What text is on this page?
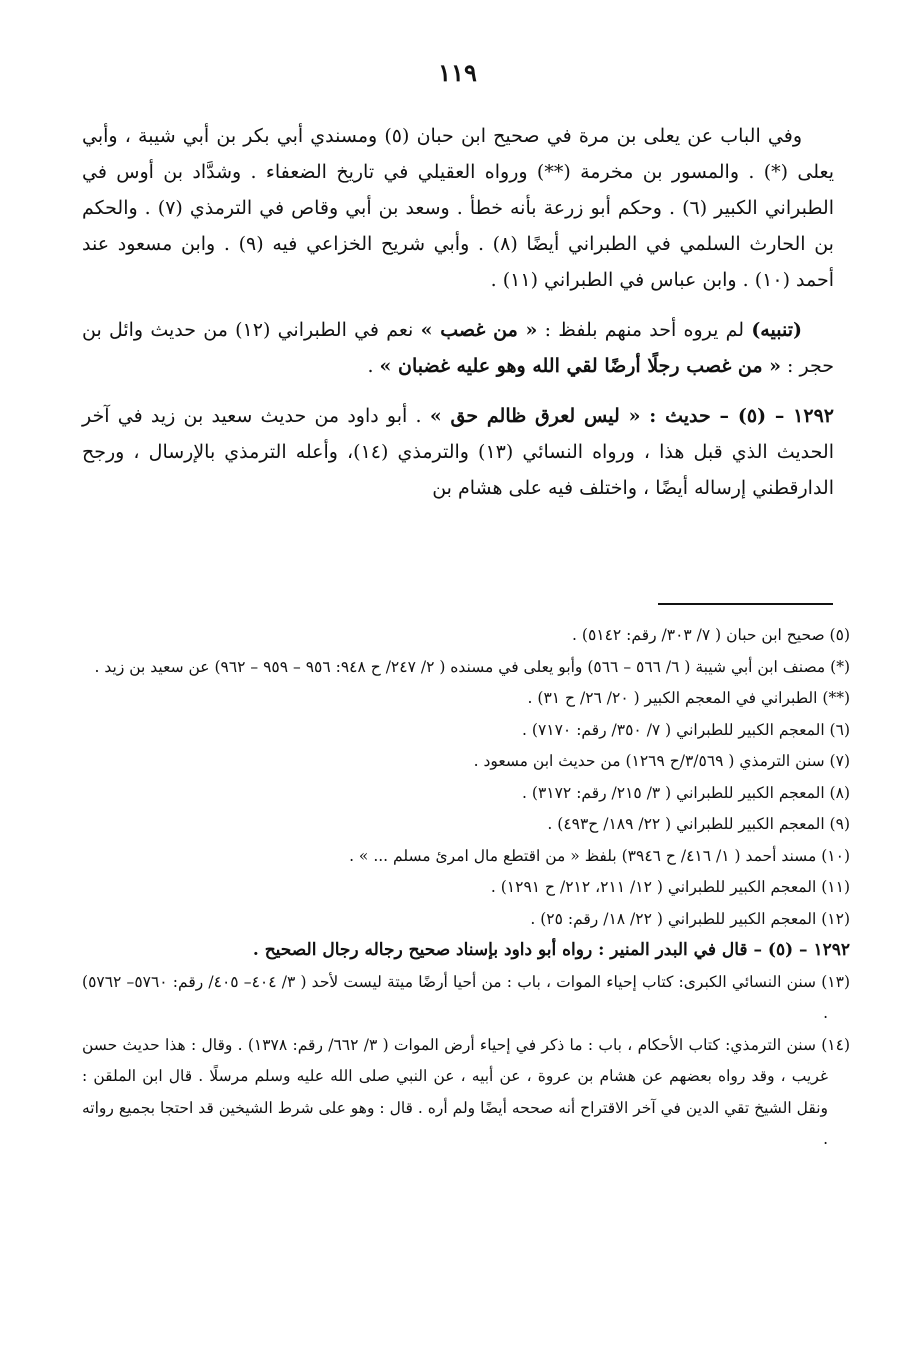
١١٩

وفي الباب عن يعلى بن مرة في صحيح ابن حبان (٥) ومسندي أبي بكر بن أبي شيبة ، وأبي يعلى (*) . والمسور بن مخرمة (**) ورواه العقيلي في تاريخ الضعفاء . وشدَّاد بن أوس في الطبراني الكبير (٦) . وحكم أبو زرعة بأنه خطأ . وسعد بن أبي وقاص في الترمذي (٧) . والحكم بن الحارث السلمي في الطبراني أيضًا (٨) . وأبي شريح الخزاعي فيه (٩) . وابن مسعود عند أحمد (١٠) . وابن عباس في الطبراني (١١) .

(تنبيه) لم يروه أحد منهم بلفظ : « من غصب » نعم في الطبراني (١٢) من حديث وائل بن حجر : « من غصب رجلًا أرضًا لقي الله وهو عليه غضبان » .

١٢٩٢ – (٥) – حديث : « ليس لعرق ظالم حق » . أبو داود من حديث سعيد بن زيد في آخر الحديث الذي قبل هذا ، ورواه النسائي (١٣) والترمذي (١٤)، وأعله الترمذي بالإرسال ، ورجح الدارقطني إرساله أيضًا ، واختلف فيه على هشام بن

(٥) صحيح ابن حبان ( ٧/ ٣٠٣/ رقم: ٥١٤٢) .

(*) مصنف ابن أبي شيبة ( ٦/ ٥٦٦ – ٥٦٦) وأبو يعلى في مسنده ( ٢/ ٢٤٧/ ح ٩٤٨: ٩٥٦ – ٩٥٩ – ٩٦٢) عن سعيد بن زيد .

(**) الطبراني في المعجم الكبير ( ٢٠/ ٢٦/ ح ٣١) .

(٦) المعجم الكبير للطبراني ( ٧/ ٣٥٠/ رقم: ٧١٧٠) .

(٧) سنن الترمذي ( ٣/٥٦٩/ح ١٢٦٩) من حديث ابن مسعود .

(٨) المعجم الكبير للطبراني ( ٣/ ٢١٥/ رقم: ٣١٧٢) .

(٩) المعجم الكبير للطبراني ( ٢٢/ ١٨٩/ ح٤٩٣) .

(١٠) مسند أحمد ( ١/ ٤١٦/ ح ٣٩٤٦) بلفظ « من اقتطع مال امرئ مسلم ... » .

(١١) المعجم الكبير للطبراني ( ١٢/ ٢١١، ٢١٢/ ح ١٢٩١) .

(١٢) المعجم الكبير للطبراني ( ٢٢/ ١٨/ رقم: ٢٥) .

١٢٩٢ – (٥) – قال في البدر المنير : رواه أبو داود بإسناد صحيح رجاله رجال الصحيح .

(١٣) سنن النسائي الكبرى: كتاب إحياء الموات ، باب : من أحيا أرضًا ميتة ليست لأحد ( ٣/ ٤٠٤– ٤٠٥/ رقم: ٥٧٦٠– ٥٧٦٢) .

(١٤) سنن الترمذي: كتاب الأحكام ، باب : ما ذكر في إحياء أرض الموات ( ٣/ ٦٦٢/ رقم: ١٣٧٨) . وقال : هذا حديث حسن غريب ، وقد رواه بعضهم عن هشام بن عروة ، عن أبيه ، عن النبي صلى الله عليه وسلم مرسلًا . قال ابن الملقن : ونقل الشيخ تقي الدين في آخر الاقتراح أنه صححه أيضًا ولم أره . قال : وهو على شرط الشيخين قد احتجا بجميع رواته .
